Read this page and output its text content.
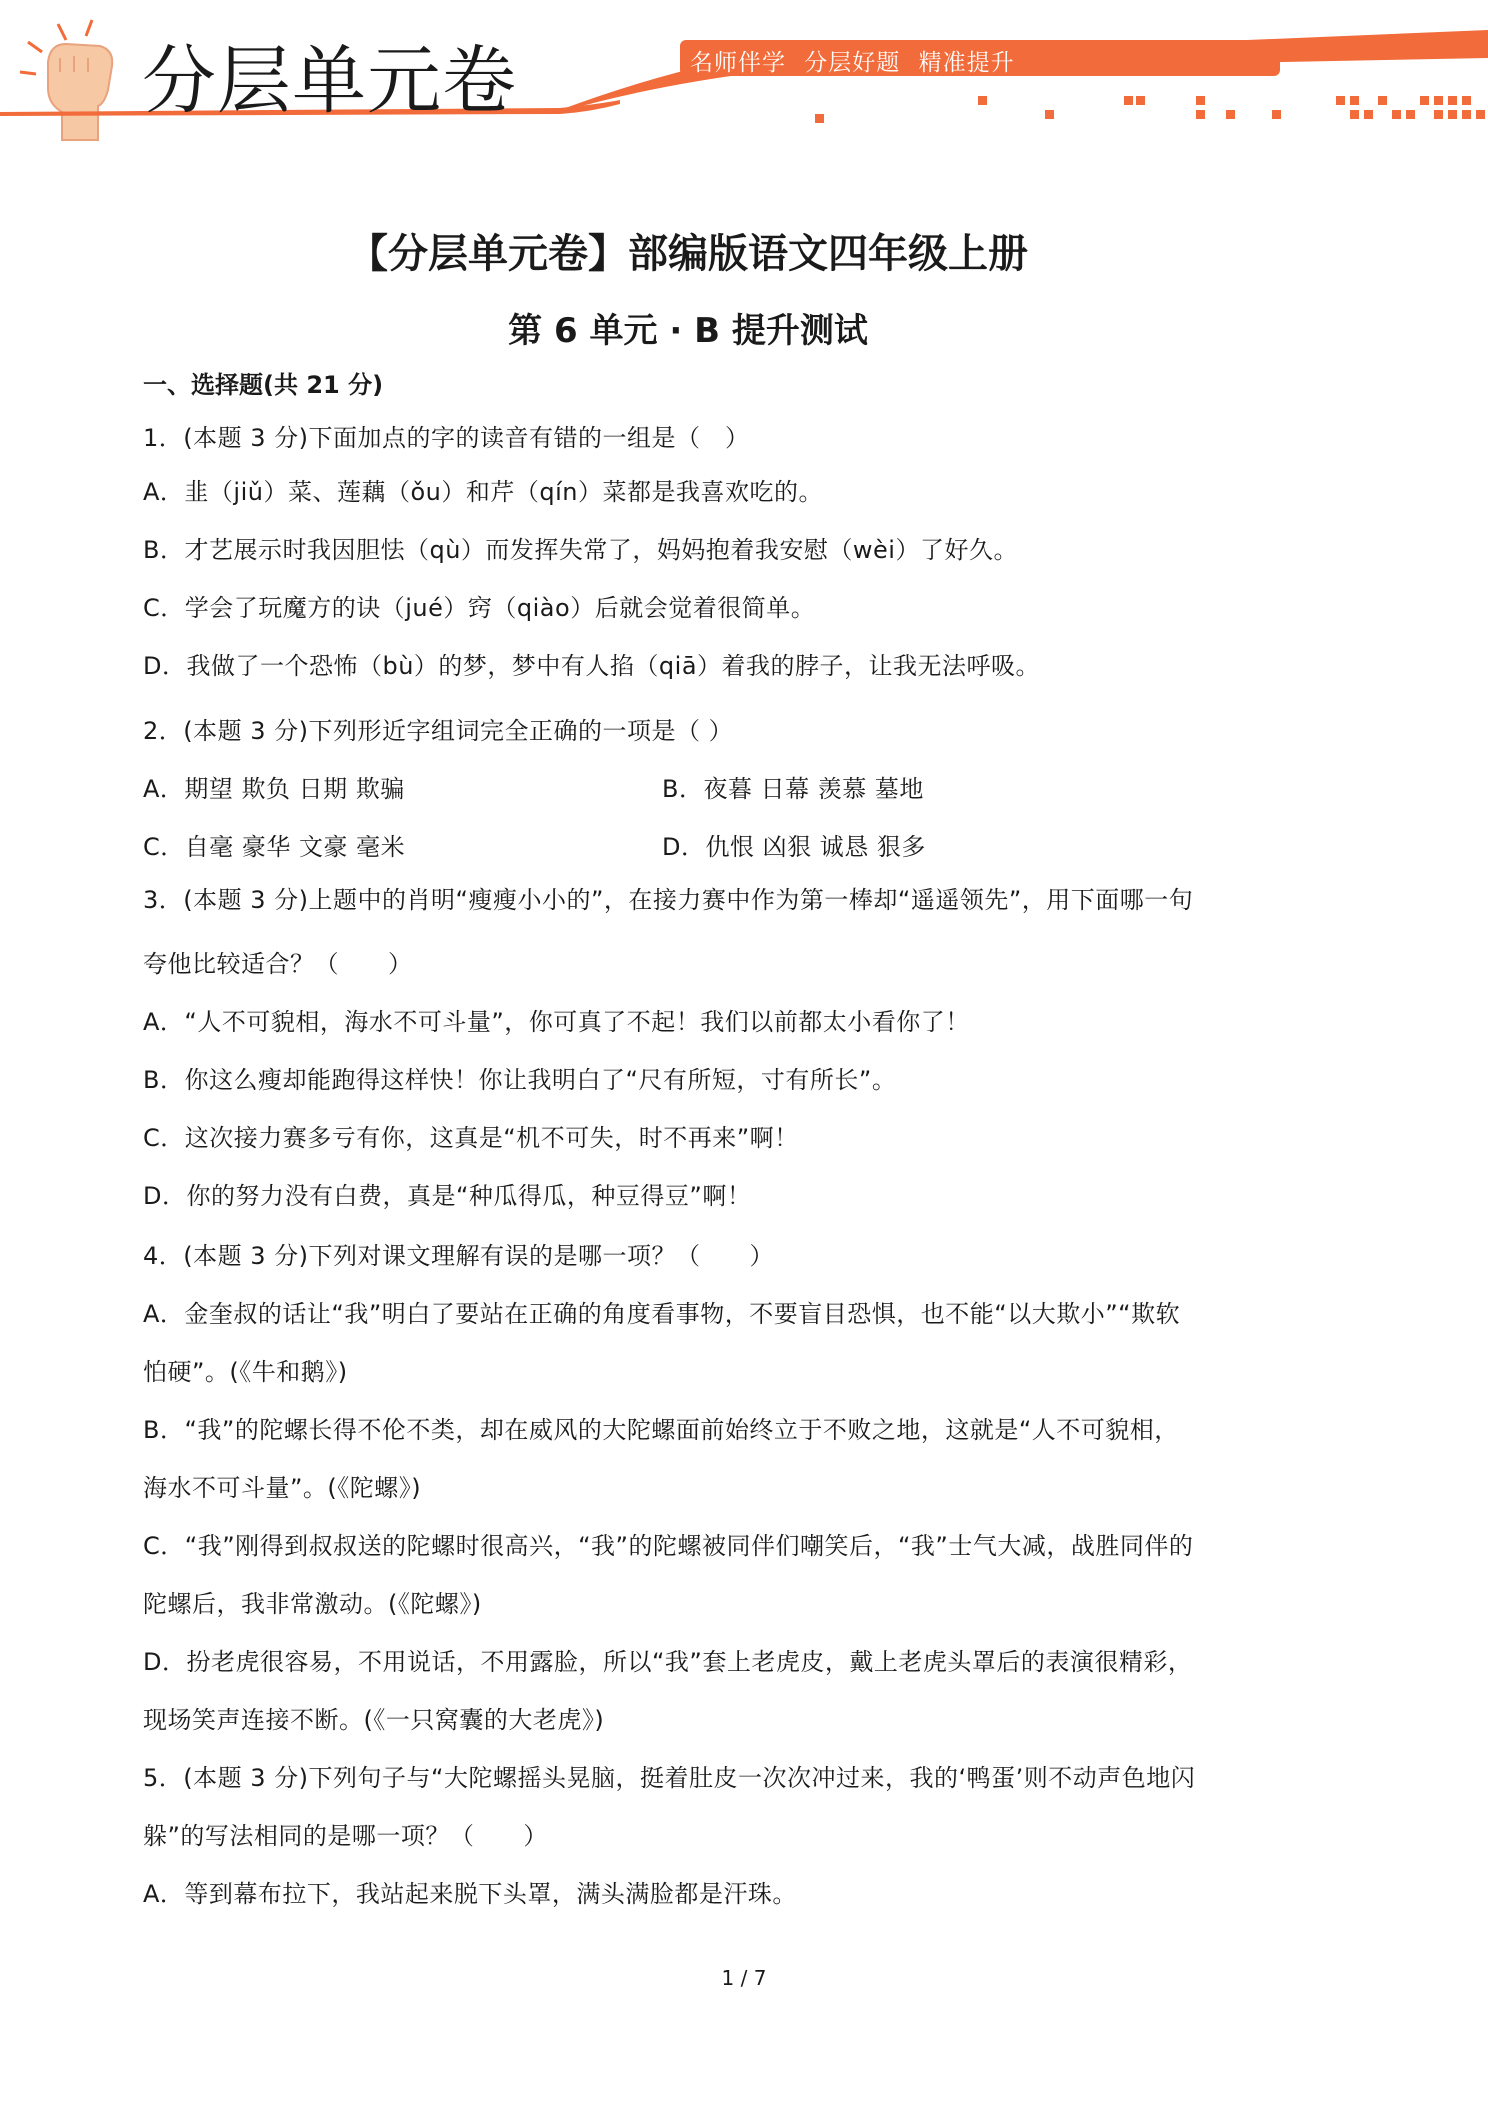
分层单元卷	名师伴学 分层好题 精准提升
【分层单元卷】部编版语文四年级上册
第 6 单元 · B 提升测试
一、选择题(共 21 分)
1．(本题 3 分)下面加点的字的读音有错的一组是（　）
A．韭（jiǔ）菜、莲藕（ǒu）和芹（qín）菜都是我喜欢吃的。
B．才艺展示时我因胆怯（qù）而发挥失常了，妈妈抱着我安慰（wèi）了好久。
C．学会了玩魔方的诀（jué）窍（qiào）后就会觉着很简单。
D．我做了一个恐怖（bù）的梦，梦中有人掐（qiā）着我的脖子，让我无法呼吸。
2．(本题 3 分)下列形近字组词完全正确的一项是（ ）
A．期望 欺负 日期 欺骗	B．夜暮 日幕 羡慕 墓地
C．自毫 豪华 文豪 毫米	D．仇恨 凶狠 诚恳 狠多
3．(本题 3 分)上题中的肖明“瘦瘦小小的”，在接力赛中作为第一棒却“遥遥领先”，用下面哪一句
夸他比较适合？（　　）
A．“人不可貌相，海水不可斗量”，你可真了不起！我们以前都太小看你了！
B．你这么瘦却能跑得这样快！你让我明白了“尺有所短，寸有所长”。
C．这次接力赛多亏有你，这真是“机不可失，时不再来”啊！
D．你的努力没有白费，真是“种瓜得瓜，种豆得豆”啊！
4．(本题 3 分)下列对课文理解有误的是哪一项？（　　）
A．金奎叔的话让“我”明白了要站在正确的角度看事物，不要盲目恐惧，也不能“以大欺小”“欺软
怕硬”。(《牛和鹅》)
B．“我”的陀螺长得不伦不类，却在威风的大陀螺面前始终立于不败之地，这就是“人不可貌相，
海水不可斗量”。(《陀螺》)
C．“我”刚得到叔叔送的陀螺时很高兴，“我”的陀螺被同伴们嘲笑后，“我”士气大减，战胜同伴的
陀螺后，我非常激动。(《陀螺》)
D．扮老虎很容易，不用说话，不用露脸，所以“我”套上老虎皮，戴上老虎头罩后的表演很精彩，
现场笑声连接不断。(《一只窝囊的大老虎》)
5．(本题 3 分)下列句子与“大陀螺摇头晃脑，挺着肚皮一次次冲过来，我的‘鸭蛋’则不动声色地闪
躲”的写法相同的是哪一项？（　　）
A．等到幕布拉下，我站起来脱下头罩，满头满脸都是汗珠。
1 / 7
